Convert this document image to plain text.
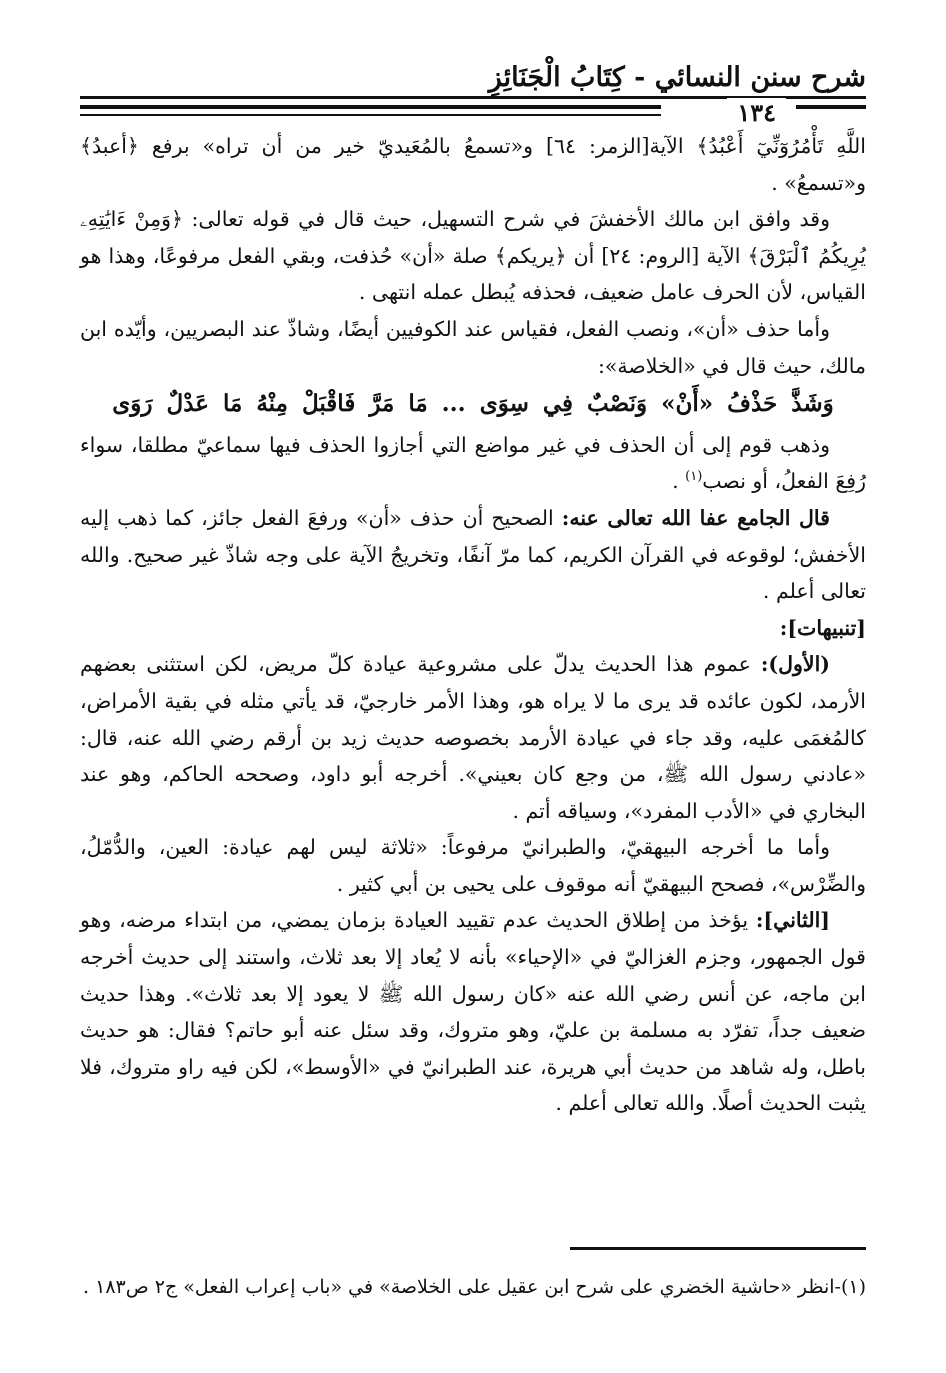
شرح سنن النسائي - كِتَابُ الْجَنَائِزِ
١٣٤

اللَّهِ تَأْمُرُوٓنِّيٓ أَعْبُدُ﴾ الآية[الزمر: ٦٤] و«تسمعُ بالمُعَيديّ خير من أن تراه» برفع ﴿أعبدُ﴾ و«تسمعُ» .

وقد وافق ابن مالك الأخفشَ في شرح التسهيل، حيث قال في قوله تعالى: ﴿وَمِنْ ءَايَٰتِهِۦ يُرِيكُمُ ٱلْبَرْقَ﴾ الآية [الروم: ٢٤] أن ﴿يريكم﴾ صلة «أن» حُذفت، وبقي الفعل مرفوعًا، وهذا هو القياس، لأن الحرف عامل ضعيف، فحذفه يُبطل عمله انتهى .

وأما حذف «أن»، ونصب الفعل، فقياس عند الكوفيين أيضًا، وشاذّ عند البصريين، وأيّده ابن مالك، حيث قال في «الخلاصة»:

وَشَذَّ حَذْفُ «أَنْ» وَنَصْبٌ فِي سِوَى ... مَا مَرَّ فَاقْبَلْ مِنْهُ مَا عَدْلٌ رَوَى

وذهب قوم إلى أن الحذف في غير مواضع التي أجازوا الحذف فيها سماعيّ مطلقا، سواء رُفِعَ الفعلُ، أو نصب$^{(١)}$ .

قال الجامع عفا الله تعالى عنه: الصحيح أن حذف «أن» ورفعَ الفعل جائز، كما ذهب إليه الأخفش؛ لوقوعه في القرآن الكريم، كما مرّ آنفًا، وتخريجُ الآية على وجه شاذّ غير صحيح. والله تعالى أعلم .

[تنبيهات]:

(الأول): عموم هذا الحديث يدلّ على مشروعية عيادة كلّ مريض، لكن استثنى بعضهم الأرمد، لكون عائده قد يرى ما لا يراه هو، وهذا الأمر خارجيّ، قد يأتي مثله في بقية الأمراض، كالمُغمَى عليه، وقد جاء في عيادة الأرمد بخصوصه حديث زيد بن أرقم رضي الله عنه، قال: «عادني رسول الله ﷺ، من وجع كان بعيني». أخرجه أبو داود، وصححه الحاكم، وهو عند البخاري في «الأدب المفرد»، وسياقه أتم .

وأما ما أخرجه البيهقيّ، والطبرانيّ مرفوعاً: «ثلاثة ليس لهم عيادة: العين، والدُّمّلُ، والضِّرْس»، فصحح البيهقيّ أنه موقوف على يحيى بن أبي كثير .

[الثاني]: يؤخذ من إطلاق الحديث عدم تقييد العيادة بزمان يمضي، من ابتداء مرضه، وهو قول الجمهور، وجزم الغزاليّ في «الإحياء» بأنه لا يُعاد إلا بعد ثلاث، واستند إلى حديث أخرجه ابن ماجه، عن أنس رضي الله عنه «كان رسول الله ﷺ لا يعود إلا بعد ثلاث». وهذا حديث ضعيف جداً، تفرّد به مسلمة بن عليّ، وهو متروك، وقد سئل عنه أبو حاتم؟ فقال: هو حديث باطل، وله شاهد من حديث أبي هريرة، عند الطبرانيّ في «الأوسط»، لكن فيه راو متروك، فلا يثبت الحديث أصلًا. والله تعالى أعلم .

(١)-انظر «حاشية الخضري على شرح ابن عقيل على الخلاصة» في «باب إعراب الفعل» ج٢ ص١٨٣ .
